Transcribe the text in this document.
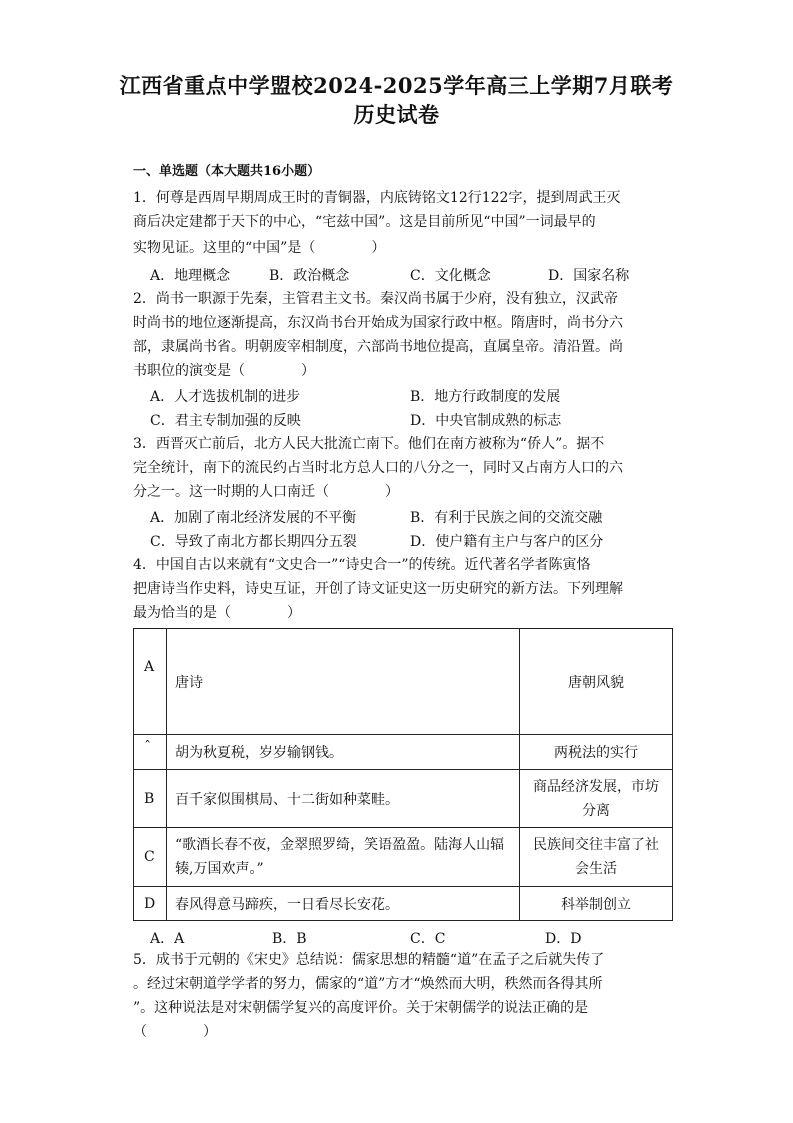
江西省重点中学盟校2024-2025学年高三上学期7月联考
历史试卷
一、单选题（本大题共16小题）
1．何尊是西周早期周成王时的青铜器，内底铸铭文12行122字，提到周武王灭
商后决定建都于天下的中心，“宅兹中国”。这是目前所见“中国”一词最早的
实物见证。这里的“中国”是（	）
A．地理概念	B．政治概念	C．文化概念	D．国家名称
2．尚书一职源于先秦，主管君主文书。秦汉尚书属于少府，没有独立，汉武帝
时尚书的地位逐渐提高，东汉尚书台开始成为国家行政中枢。隋唐时，尚书分六
部，隶属尚书省。明朝废宰相制度，六部尚书地位提高，直属皇帝。清沿置。尚
书职位的演变是（	）
A．人才选拔机制的进步	B．地方行政制度的发展
C．君主专制加强的反映	D．中央官制成熟的标志
3．西晋灭亡前后，北方人民大批流亡南下。他们在南方被称为“侨人”。据不
完全统计，南下的流民约占当时北方总人口的八分之一，同时又占南方人口的六
分之一。这一时期的人口南迁（	）
A．加剧了南北经济发展的不平衡	B．有利于民族之间的交流交融
C．导致了南北方都长期四分五裂	D．使户籍有主户与客户的区分
4．中国自古以来就有“文史合一”“诗史合一”的传统。近代著名学者陈寅恪
把唐诗当作史料，诗史互证，开创了诗文证史这一历史研究的新方法。下列理解
最为恰当的是（	）
A	唐诗	唐朝风貌
ˆ	胡为秋夏税，岁岁输钢钱。	两税法的实行
B	百千家似围棋局、十二街如种菜畦。	商品经济发展，市坊分离
C	“歌酒长春不夜，金翠照罗绮，笑语盈盈。陆海人山辐辏,万国欢声。”	民族间交往丰富了社会生活
D	春风得意马蹄疾，一日看尽长安花。	科举制创立
A．A	B．B	C．C	D．D
5．成书于元朝的《宋史》总结说：儒家思想的精髓“道”在孟子之后就失传了
。经过宋朝道学学者的努力，儒家的“道”方才“焕然而大明，秩然而各得其所
”。这种说法是对宋朝儒学复兴的高度评价。关于宋朝儒学的说法正确的是
（	）
